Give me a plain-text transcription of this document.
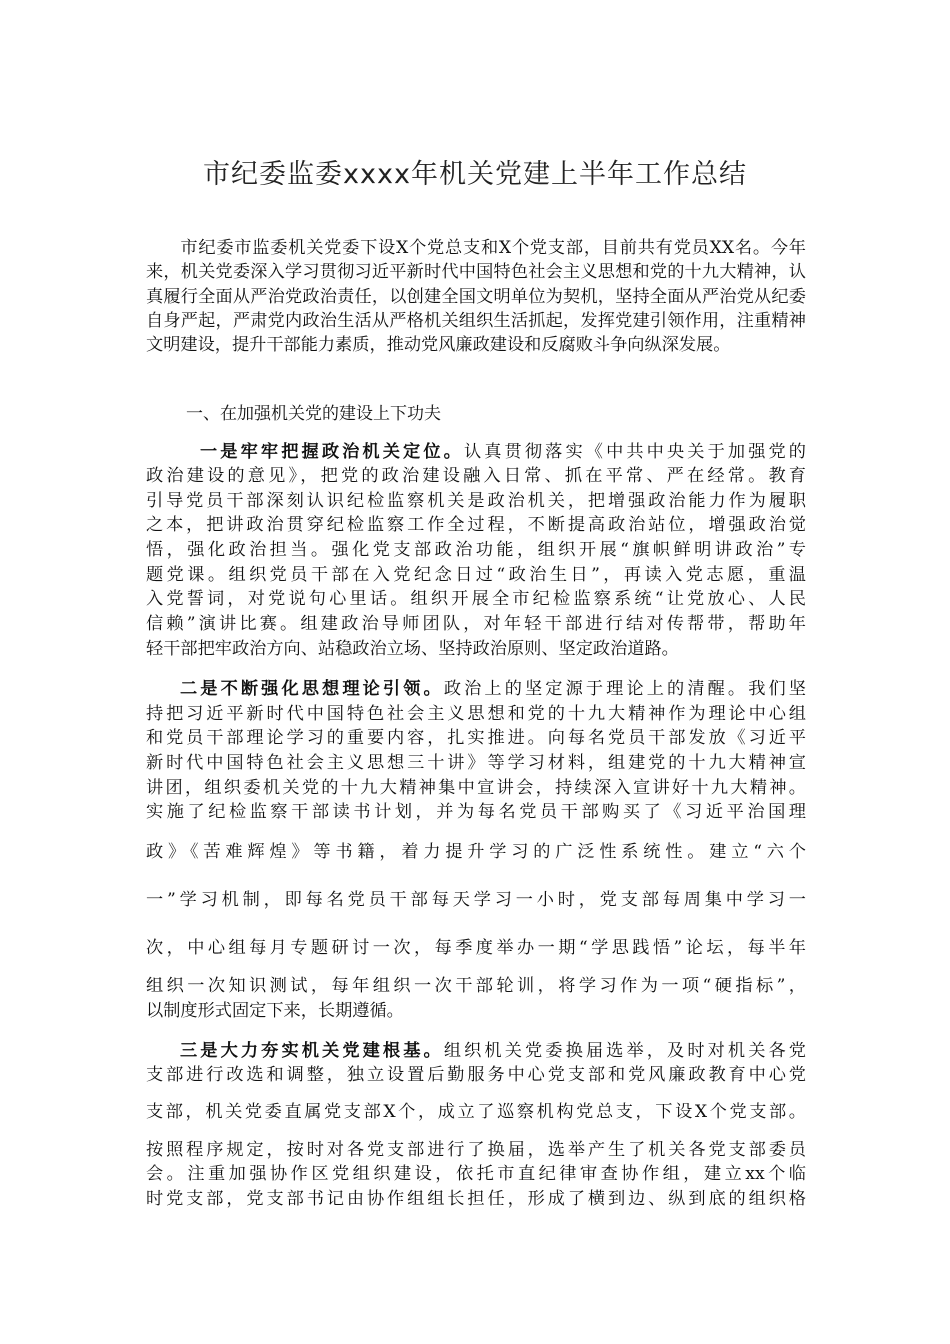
市纪委监委xxxx年机关党建上半年工作总结

市纪委市监委机关党委下设X个党总支和X个党支部，目前共有党员XX名。今年来，机关党委深入学习贯彻习近平新时代中国特色社会主义思想和党的十九大精神，认真履行全面从严治党政治责任，以创建全国文明单位为契机，坚持全面从严治党从纪委自身严起，严肃党内政治生活从严格机关组织生活抓起，发挥党建引领作用，注重精神文明建设，提升干部能力素质，推动党风廉政建设和反腐败斗争向纵深发展。

一、在加强机关党的建设上下功夫

一是牢牢把握政治机关定位。认真贯彻落实《中共中央关于加强党的

政治建设的意见》，把党的政治建设融入日常、抓在平常、严在经常。教育

引导党员干部深刻认识纪检监察机关是政治机关，把增强政治能力作为履职

之本，把讲政治贯穿纪检监察工作全过程，不断提高政治站位，增强政治觉

悟，强化政治担当。强化党支部政治功能，组织开展“旗帜鲜明讲政治”专

题党课。组织党员干部在入党纪念日过“政治生日”，再读入党志愿，重温

入党誓词，对党说句心里话。组织开展全市纪检监察系统“让党放心、人民

信赖”演讲比赛。组建政治导师团队，对年轻干部进行结对传帮带，帮助年

轻干部把牢政治方向、站稳政治立场、坚持政治原则、坚定政治道路。

二是不断强化思想理论引领。政治上的坚定源于理论上的清醒。我们坚

持把习近平新时代中国特色社会主义思想和党的十九大精神作为理论中心组

和党员干部理论学习的重要内容，扎实推进。向每名党员干部发放《习近平

新时代中国特色社会主义思想三十讲》等学习材料，组建党的十九大精神宣

讲团，组织委机关党的十九大精神集中宣讲会，持续深入宣讲好十九大精神。

实施了纪检监察干部读书计划，并为每名党员干部购买了《习近平治国理

政》《苦难辉煌》等书籍，着力提升学习的广泛性系统性。建立“六个

一”学习机制，即每名党员干部每天学习一小时，党支部每周集中学习一

次，中心组每月专题研讨一次，每季度举办一期“学思践悟”论坛，每半年

组织一次知识测试，每年组织一次干部轮训，将学习作为一项“硬指标”，

以制度形式固定下来，长期遵循。

三是大力夯实机关党建根基。组织机关党委换届选举，及时对机关各党

支部进行改选和调整，独立设置后勤服务中心党支部和党风廉政教育中心党

支部，机关党委直属党支部X个，成立了巡察机构党总支，下设X个党支部。

按照程序规定，按时对各党支部进行了换届，选举产生了机关各党支部委员

会。注重加强协作区党组织建设，依托市直纪律审查协作组，建立xx个临

时党支部，党支部书记由协作组组长担任，形成了横到边、纵到底的组织格
